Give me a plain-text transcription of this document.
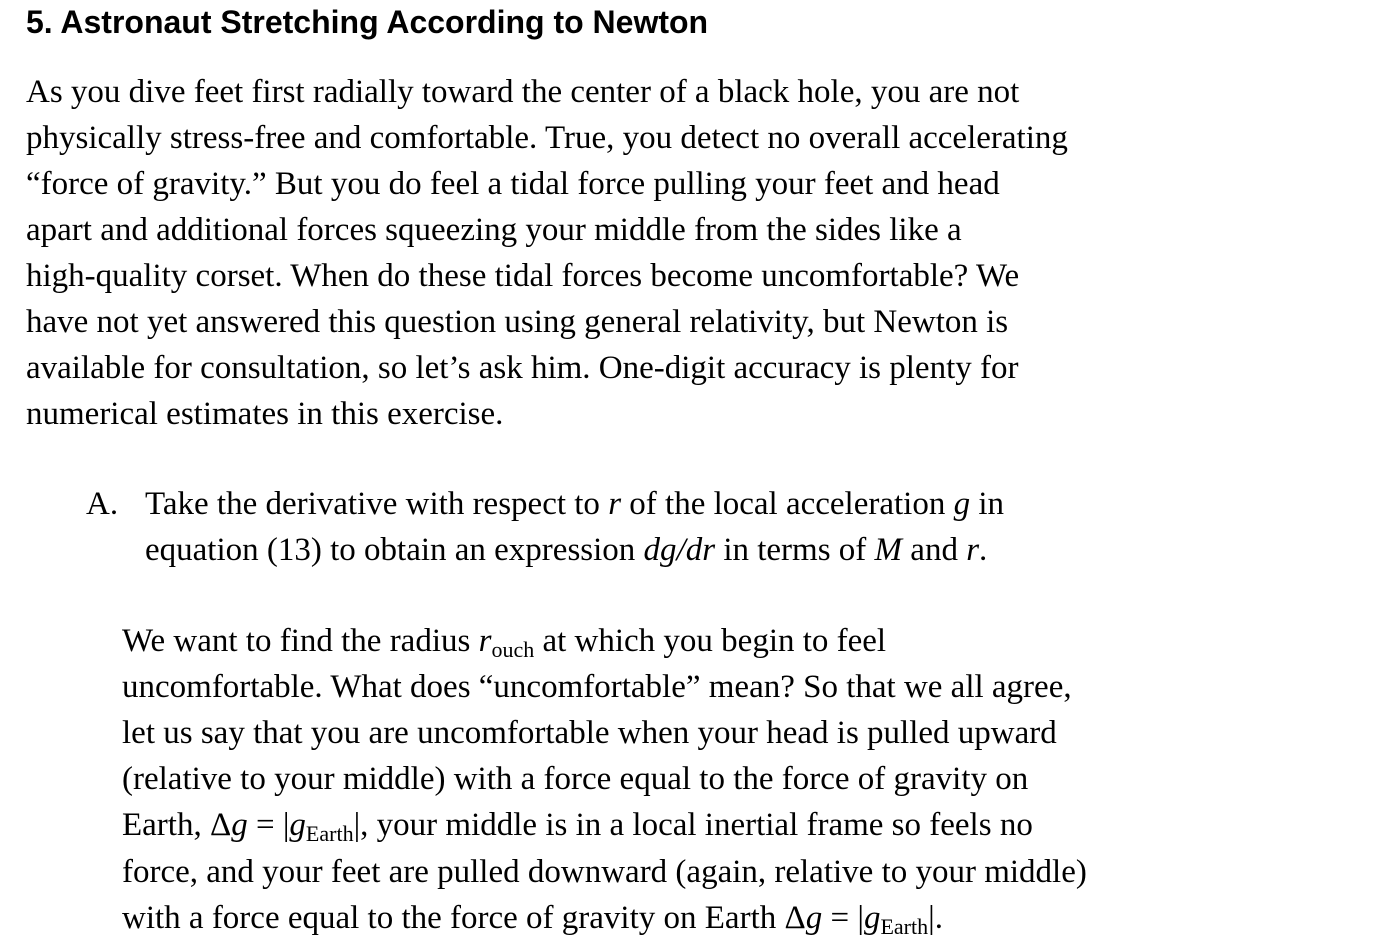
5. Astronaut Stretching According to Newton
As you dive feet first radially toward the center of a black hole, you are not
physically stress-free and comfortable. True, you detect no overall accelerating
“force of gravity.” But you do feel a tidal force pulling your feet and head
apart and additional forces squeezing your middle from the sides like a
high-quality corset. When do these tidal forces become uncomfortable? We
have not yet answered this question using general relativity, but Newton is
available for consultation, so let’s ask him. One-digit accuracy is plenty for
numerical estimates in this exercise.
A. Take the derivative with respect to r of the local acceleration g in
equation (13) to obtain an expression dg/dr in terms of M and r.
We want to find the radius $r_{ouch}$ at which you begin to feel
uncomfortable. What does “uncomfortable” mean? So that we all agree,
let us say that you are uncomfortable when your head is pulled upward
(relative to your middle) with a force equal to the force of gravity on
Earth, $\Delta g = |g_{Earth}|$, your middle is in a local inertial frame so feels no
force, and your feet are pulled downward (again, relative to your middle)
with a force equal to the force of gravity on Earth $\Delta g = |g_{Earth}|$.
